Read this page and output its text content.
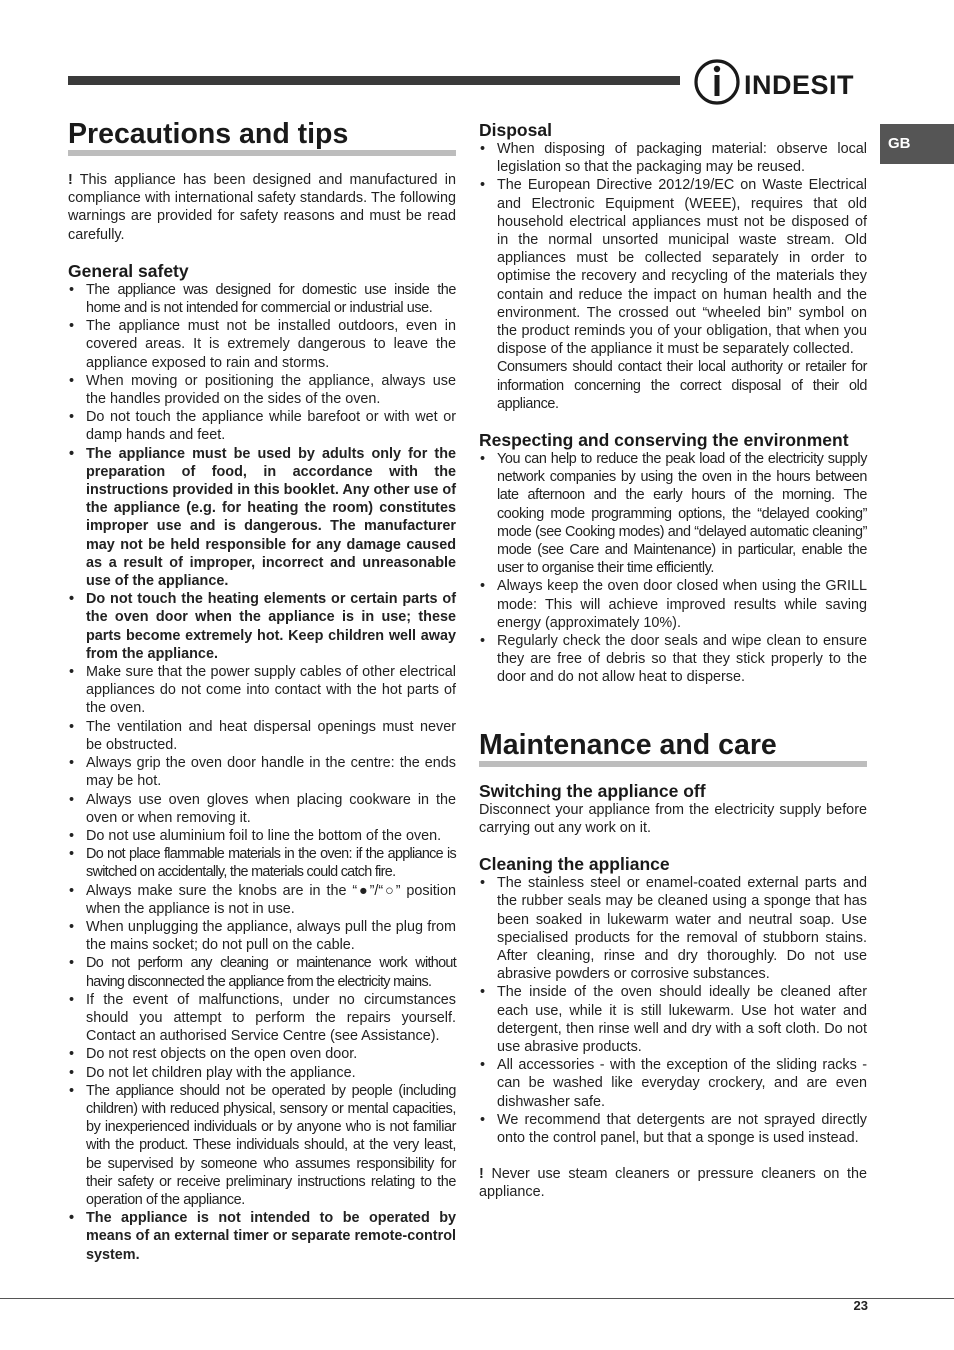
INDESIT
GB
Precautions and tips

! This appliance has been designed and manufactured in compliance with international safety standards. The following warnings are provided for safety reasons and must be read carefully.

General safety
• The appliance was designed for domestic use inside the home and is not intended for commercial or industrial use.
• The appliance must not be installed outdoors, even in covered areas. It is extremely dangerous to leave the appliance exposed to rain and storms.
• When moving or positioning the appliance, always use the handles provided on the sides of the oven.
• Do not touch the appliance while barefoot or with wet or damp hands and feet.
• The appliance must be used by adults only for the preparation of food, in accordance with the instructions provided in this booklet. Any other use of the appliance (e.g. for heating the room) constitutes improper use and is dangerous. The manufacturer may not be held responsible for any damage caused as a result of improper, incorrect and unreasonable use of the appliance.
• Do not touch the heating elements or certain parts of the oven door when the appliance is in use; these parts become extremely hot. Keep children well away from the appliance.
• Make sure that the power supply cables of other electrical appliances do not come into contact with the hot parts of the oven.
• The ventilation and heat dispersal openings must never be obstructed.
• Always grip the oven door handle in the centre: the ends may be hot.
• Always use oven gloves when placing cookware in the oven or when removing it.
• Do not use aluminium foil to line the bottom of the oven.
• Do not place flammable materials in the oven: if the appliance is switched on accidentally, the materials could catch fire.
• Always make sure the knobs are in the “●”/“○” position when the appliance is not in use.
• When unplugging the appliance, always pull the plug from the mains socket; do not pull on the cable.
• Do not perform any cleaning or maintenance work without having disconnected the appliance from the electricity mains.
• If the event of malfunctions, under no circumstances should you attempt to perform the repairs yourself. Contact an authorised Service Centre (see Assistance).
• Do not rest objects on the open oven door.
• Do not let children play with the appliance.
• The appliance should not be operated by people (including children) with reduced physical, sensory or mental capacities, by inexperienced individuals or by anyone who is not familiar with the product. These individuals should, at the very least, be supervised by someone who assumes responsibility for their safety or receive preliminary instructions relating to the operation of the appliance.
• The appliance is not intended to be operated by means of an external timer or separate remote-control system.
Disposal
• When disposing of packaging material: observe local legislation so that the packaging may be reused.
• The European Directive 2012/19/EC on Waste Electrical and Electronic Equipment (WEEE), requires that old household electrical appliances must not be disposed of in the normal unsorted municipal waste stream. Old appliances must be collected separately in order to optimise the recovery and recycling of the materials they contain and reduce the impact on human health and the environment. The crossed out “wheeled bin” symbol on the product reminds you of your obligation, that when you dispose of the appliance it must be separately collected.

Consumers should contact their local authority or retailer for information concerning the correct disposal of their old appliance.

Respecting and conserving the environment
• You can help to reduce the peak load of the electricity supply network companies by using the oven in the hours between late afternoon and the early hours of the morning. The cooking mode programming options, the “delayed cooking” mode (see Cooking modes) and “delayed automatic cleaning” mode (see Care and Maintenance) in particular, enable the user to organise their time efficiently.
• Always keep the oven door closed when using the GRILL mode: This will achieve improved results while saving energy (approximately 10%).
• Regularly check the door seals and wipe clean to ensure they are free of debris so that they stick properly to the door and do not allow heat to disperse.
Maintenance and care
Switching the appliance off

Disconnect your appliance from the electricity supply before carrying out any work on it.

Cleaning the appliance
• The stainless steel or enamel-coated external parts and the rubber seals may be cleaned using a sponge that has been soaked in lukewarm water and neutral soap. Use specialised products for the removal of stubborn stains. After cleaning, rinse and dry thoroughly. Do not use abrasive powders or corrosive substances.
• The inside of the oven should ideally be cleaned after each use, while it is still lukewarm. Use hot water and detergent, then rinse well and dry with a soft cloth. Do not use abrasive products.
• All accessories - with the exception of the sliding racks - can be washed like everyday crockery, and are even dishwasher safe.
• We recommend that detergents are not sprayed directly onto the control panel, but that a sponge is used instead.

! Never use steam cleaners or pressure cleaners on the appliance.

23
